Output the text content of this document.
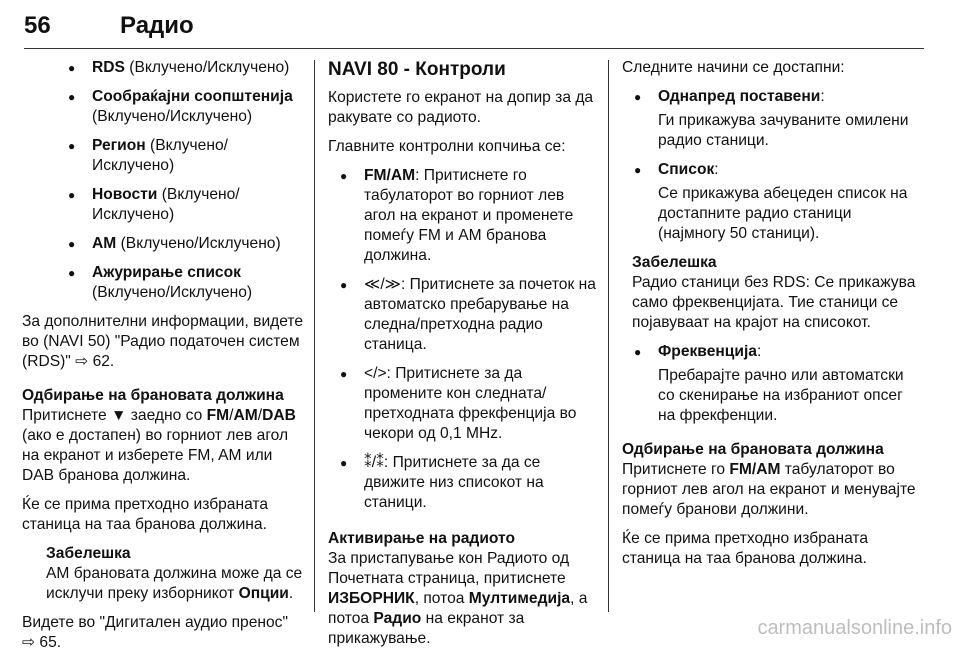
56	Радио
● RDS (Вклучено/Исклучено)
● Сообраќајни соопштенија (Вклучено/Исклучено)
● Регион (Вклучено/ Исклучено)
● Новости (Вклучено/ Исклучено)
● AM (Вклучено/Исклучено)
● Ажурирање список (Вклучено/Исклучено)

За дополнителни информации, видете во (NAVI 50) "Радио податочен систем (RDS)" ⇨ 62.

Одбирање на брановата должина

Притиснете ▼ заедно со FM/AM/DAB (ако е достапен) во горниот лев агол на екранот и изберете FM, AM или DAB бранова должина.

Ќе се прима претходно избраната станица на таа бранова должина.

Забелешка
AM брановата должина може да се исклучи преку изборникот Опции.

Видете во "Дигитален аудио пренос" ⇨ 65.

NAVI 80 - Контроли

Користете го екранот на допир за да ракувате со радиото.

Главните контролни копчиња се:

● FM/AM: Притиснете го табулаторот во горниот лев агол на екранот и променете помеѓу FM и AM бранова должина.
● ≪/≫: Притиснете за почеток на автоматско пребарување на следна/претходна радио станица.
● </>: Притиснете за да промените кон следната/ претходната фрекфенција во чекори од 0,1 MHz.
● ⁑/⁑: Притиснете за да се движите низ списокот на станици.
Активирање на радиото

За пристапување кон Радиото од Почетната страница, притиснете ИЗБОРНИК, потоа Мултимедија, а потоа Радио на екранот за прикажување.

Следните начини се достапни:

● Однапред поставени:
Ги прикажува зачуваните омилени радио станици.
● Список:
Се прикажува абецеден список на достапните радио станици (најмногу 50 станици).
Забелешка
Радио станици без RDS: Се прикажува само фреквенцијата. Тие станици се појавуваат на крајот на списокот.
● Фреквенција:
Пребарајте рачно или автоматски со скенирање на избраниот опсег на фрекфенции.
Одбирање на брановата должина

Притиснете го FM/AM табулаторот во горниот лев агол на екранот и менувајте помеѓу бранови должини.

Ќе се прима претходно избраната станица на таа бранова должина.

carmanualsonline.info
